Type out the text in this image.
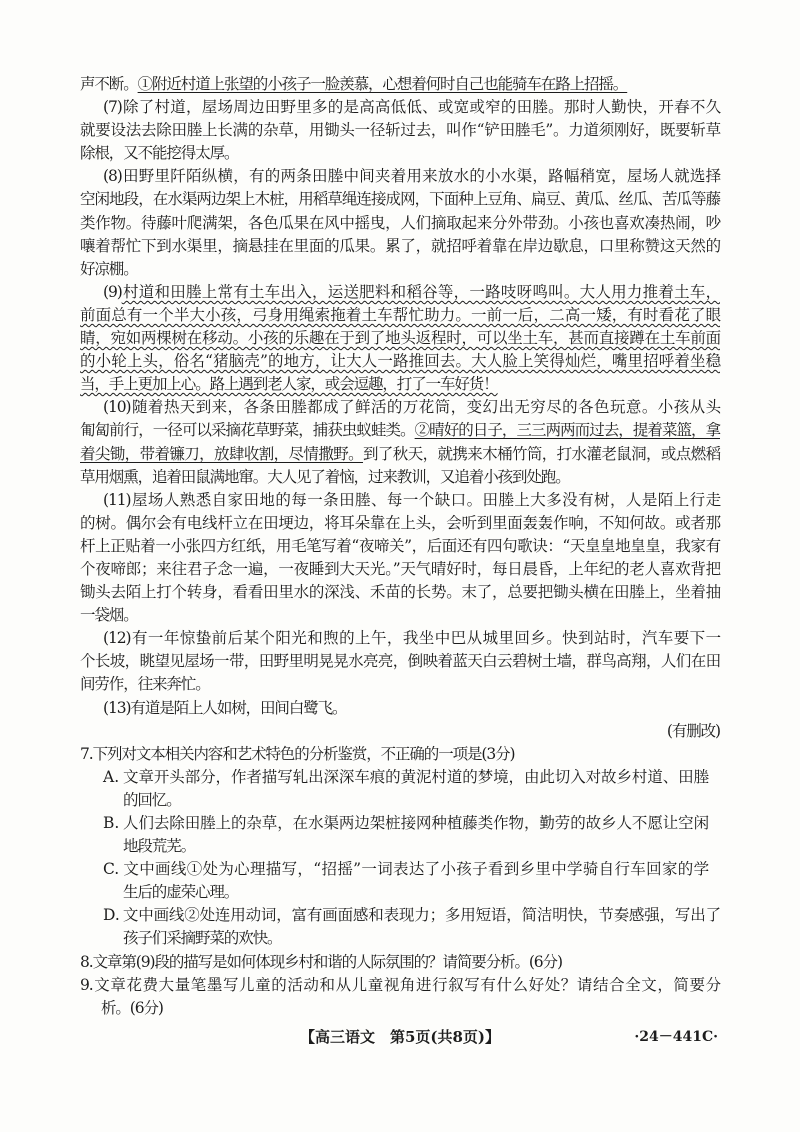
声不断。①附近村道上张望的小孩子一脸羡慕，心想着何时自己也能骑车在路上招摇。
(7)除了村道，屋场周边田野里多的是高高低低、或宽或窄的田塍。那时人勤快，开春不久
就要设法去除田塍上长满的杂草，用锄头一径斩过去，叫作“铲田塍毛”。力道须刚好，既要斩草
除根，又不能挖得太厚。
(8)田野里阡陌纵横，有的两条田塍中间夹着用来放水的小水渠，路幅稍宽，屋场人就选择
空闲地段，在水渠两边架上木桩，用稻草绳连接成网，下面种上豆角、扁豆、黄瓜、丝瓜、苦瓜等藤
类作物。待藤叶爬满架，各色瓜果在风中摇曳，人们摘取起来分外带劲。小孩也喜欢凑热闹，吵
嚷着帮忙下到水渠里，摘悬挂在里面的瓜果。累了，就招呼着靠在岸边歇息，口里称赞这天然的
好凉棚。
(9)村道和田塍上常有土车出入，运送肥料和稻谷等，一路吱呀鸣叫。大人用力推着土车，
前面总有一个半大小孩，弓身用绳索拖着土车帮忙助力。一前一后，二高一矮，有时看花了眼
睛，宛如两棵树在移动。小孩的乐趣在于到了地头返程时，可以坐土车，甚而直接蹲在土车前面
的小轮上头，俗名“猪脑壳”的地方，让大人一路推回去。大人脸上笑得灿烂，嘴里招呼着坐稳
当，手上更加上心。路上遇到老人家，或会逗趣，打了一车好货！
(10)随着热天到来，各条田塍都成了鲜活的万花筒，变幻出无穷尽的各色玩意。小孩从头
匍匐前行，一径可以采摘花草野菜，捕获虫蚁蛙类。②晴好的日子，三三两两而过去，提着菜篮，拿
着尖锄，带着镰刀，放肆收割，尽情撒野。到了秋天，就携来木桶竹筒，打水灌老鼠洞，或点燃稻
草用烟熏，追着田鼠满地窜。大人见了着恼，过来教训，又追着小孩到处跑。
(11)屋场人熟悉自家田地的每一条田塍、每一个缺口。田塍上大多没有树，人是陌上行走
的树。偶尔会有电线杆立在田埂边，将耳朵靠在上头，会听到里面轰轰作响，不知何故。或者那
杆上正贴着一小张四方红纸，用毛笔写着“夜啼关”，后面还有四句歌诀：“天皇皇地皇皇，我家有
个夜啼郎；来往君子念一遍，一夜睡到大天光。”天气晴好时，每日晨昏，上年纪的老人喜欢背把
锄头去陌上打个转身，看看田里水的深浅、禾苗的长势。末了，总要把锄头横在田塍上，坐着抽
一袋烟。
(12)有一年惊蛰前后某个阳光和煦的上午，我坐中巴从城里回乡。快到站时，汽车要下一
个长坡，眺望见屋场一带，田野里明晃晃水亮亮，倒映着蓝天白云碧树土墙，群鸟高翔，人们在田
间劳作，往来奔忙。
(13)有道是陌上人如树，田间白鹭飞。
(有删改)
7.下列对文本相关内容和艺术特色的分析鉴赏，不正确的一项是(3分)
A. 文章开头部分，作者描写轧出深深车痕的黄泥村道的梦境，由此切入对故乡村道、田塍
的回忆。
B. 人们去除田塍上的杂草，在水渠两边架桩接网种植藤类作物，勤劳的故乡人不愿让空闲
地段荒芜。
C. 文中画线①处为心理描写，“招摇”一词表达了小孩子看到乡里中学骑自行车回家的学
生后的虚荣心理。
D. 文中画线②处连用动词，富有画面感和表现力；多用短语，简洁明快，节奏感强，写出了
孩子们采摘野菜的欢快。
8.文章第(9)段的描写是如何体现乡村和谐的人际氛围的？请简要分析。(6分)
9.文章花费大量笔墨写儿童的活动和从儿童视角进行叙写有什么好处？请结合全文，简要分
析。(6分)
【高三语文　第5页(共8页)】	·24－441C·
